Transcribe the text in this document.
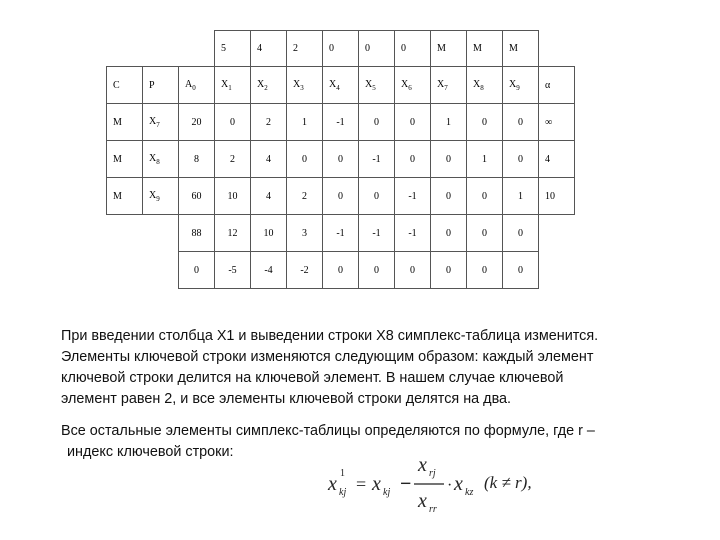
			5	4	2	0	0	0	M	M	M	
C	P	$A_0$	$X_1$	$X_2$	$X_3$	$X_4$	$X_5$	$X_6$	$X_7$	$X_8$	$X_9$	α
M	$X_7$	20	0	2	1	-1	0	0	1	0	0	∞
M	$X_8$	8	2	4	0	0	-1	0	0	1	0	4
M	$X_9$	60	10	4	2	0	0	-1	0	0	1	10
		88	12	10	3	-1	-1	-1	0	0	0	
		0	-5	-4	-2	0	0	0	0	0	0	
При введении столбца X1 и выведении строки X8 симплекс-таблица изменится.
Элементы ключевой строки изменяются следующим образом: каждый элемент
ключевой строки делится на ключевой элемент. В нашем случае ключевой
элемент равен 2, и все элементы ключевой строки делятся на два.
Все остальные элементы симплекс-таблицы определяются по формуле, где r –
индекс ключевой строки:
x 1
kj = x kj −
x rj
x rr
· x kz
(k ≠ r),
